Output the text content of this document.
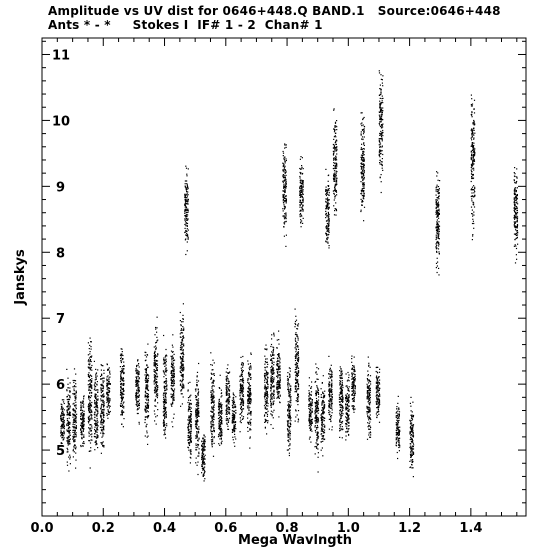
Amplitude vs UV dist for 0646+448.Q BAND.1   Source:0646+448
Ants * - *     Stokes I  IF# 1 - 2  Chan# 1
0.0	0.2	0.4	0.6	0.8	1.0	1.2	1.4
5
6
7
8
9
10
11
Mega Wavlngth
Janskys
